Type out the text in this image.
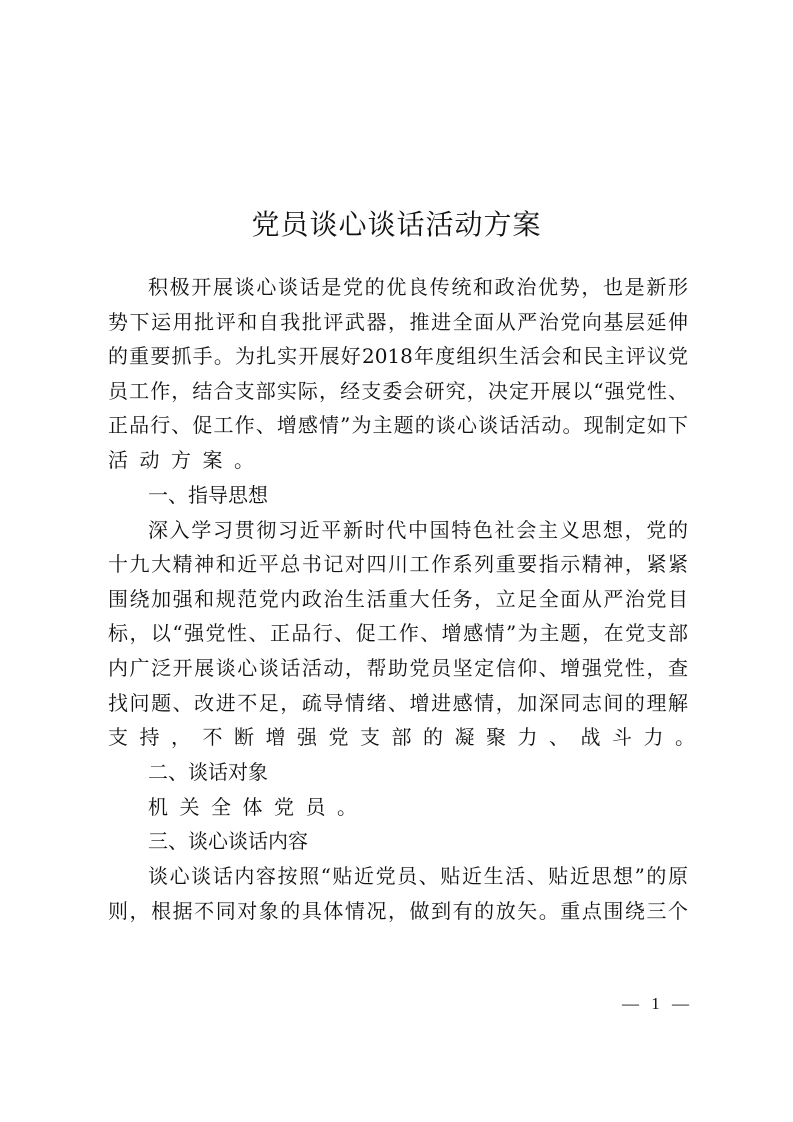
党员谈心谈话活动方案
积极开展谈心谈话是党的优良传统和政治优势，也是新形
势下运用批评和自我批评武器，推进全面从严治党向基层延伸
的重要抓手。为扎实开展好2018年度组织生活会和民主评议党
员工作，结合支部实际，经支委会研究，决定开展以“强党性、
正品行、促工作、增感情”为主题的谈心谈话活动。现制定如下
活动方案。
一、指导思想
深入学习贯彻习近平新时代中国特色社会主义思想，党的
十九大精神和近平总书记对四川工作系列重要指示精神，紧紧
围绕加强和规范党内政治生活重大任务，立足全面从严治党目
标，以“强党性、正品行、促工作、增感情”为主题，在党支部
内广泛开展谈心谈话活动，帮助党员坚定信仰、增强党性，查
找问题、改进不足，疏导情绪、增进感情，加深同志间的理解
支持，不断增强党支部的凝聚力、战斗力。
二、谈话对象
机关全体党员。
三、谈心谈话内容
谈心谈话内容按照“贴近党员、贴近生活、贴近思想”的原
则，根据不同对象的具体情况，做到有的放矢。重点围绕三个
— 1 —
